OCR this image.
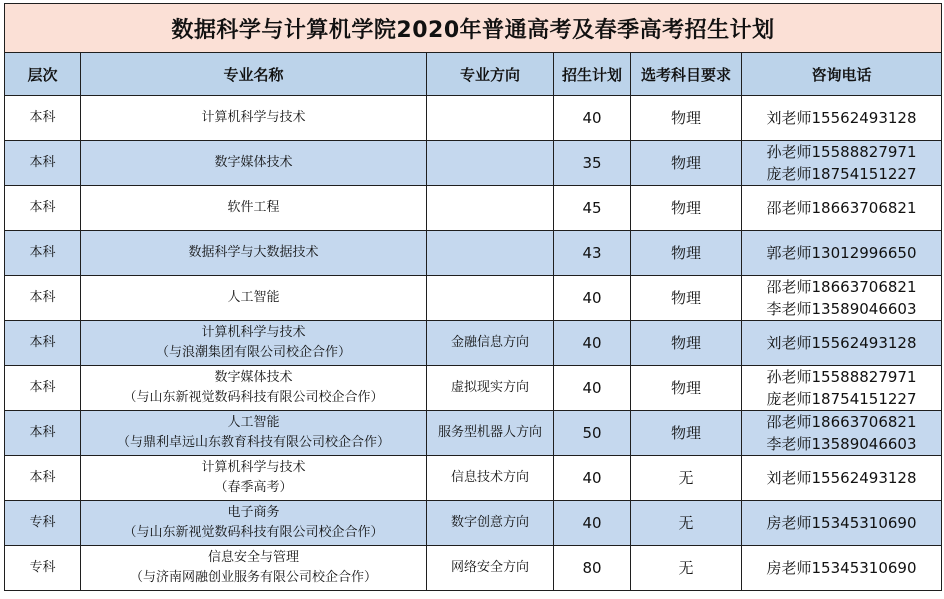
数据科学与计算机学院2020年普通高考及春季高考招生计划					
层次	专业名称	专业方向	招生计划	选考科目要求	咨询电话
本科	计算机科学与技术		40	物理	刘老师15562493128

本科	数字媒体技术		35	物理	孙老师15588827971
庞老师18754151227

本科	软件工程		45	物理	邵老师18663706821

本科	数据科学与大数据技术		43	物理	郭老师13012996650

本科	人工智能		40	物理	邵老师18663706821
李老师13589046603

本科	计算机科学与技术
（与浪潮集团有限公司校企合作）	金融信息方向	40	物理	刘老师15562493128

本科	数字媒体技术
（与山东新视觉数码科技有限公司校企合作）	虚拟现实方向	40	物理	孙老师15588827971
庞老师18754151227

本科	人工智能
（与鼎利卓远山东教育科技有限公司校企合作）	服务型机器人方向	50	物理	邵老师18663706821
李老师13589046603

本科	计算机科学与技术
（春季高考）	信息技术方向	40	无	刘老师15562493128

专科	电子商务
（与山东新视觉数码科技有限公司校企合作）	数字创意方向	40	无	房老师15345310690

专科	信息安全与管理
（与济南网融创业服务有限公司校企合作）	网络安全方向	80	无	房老师15345310690
